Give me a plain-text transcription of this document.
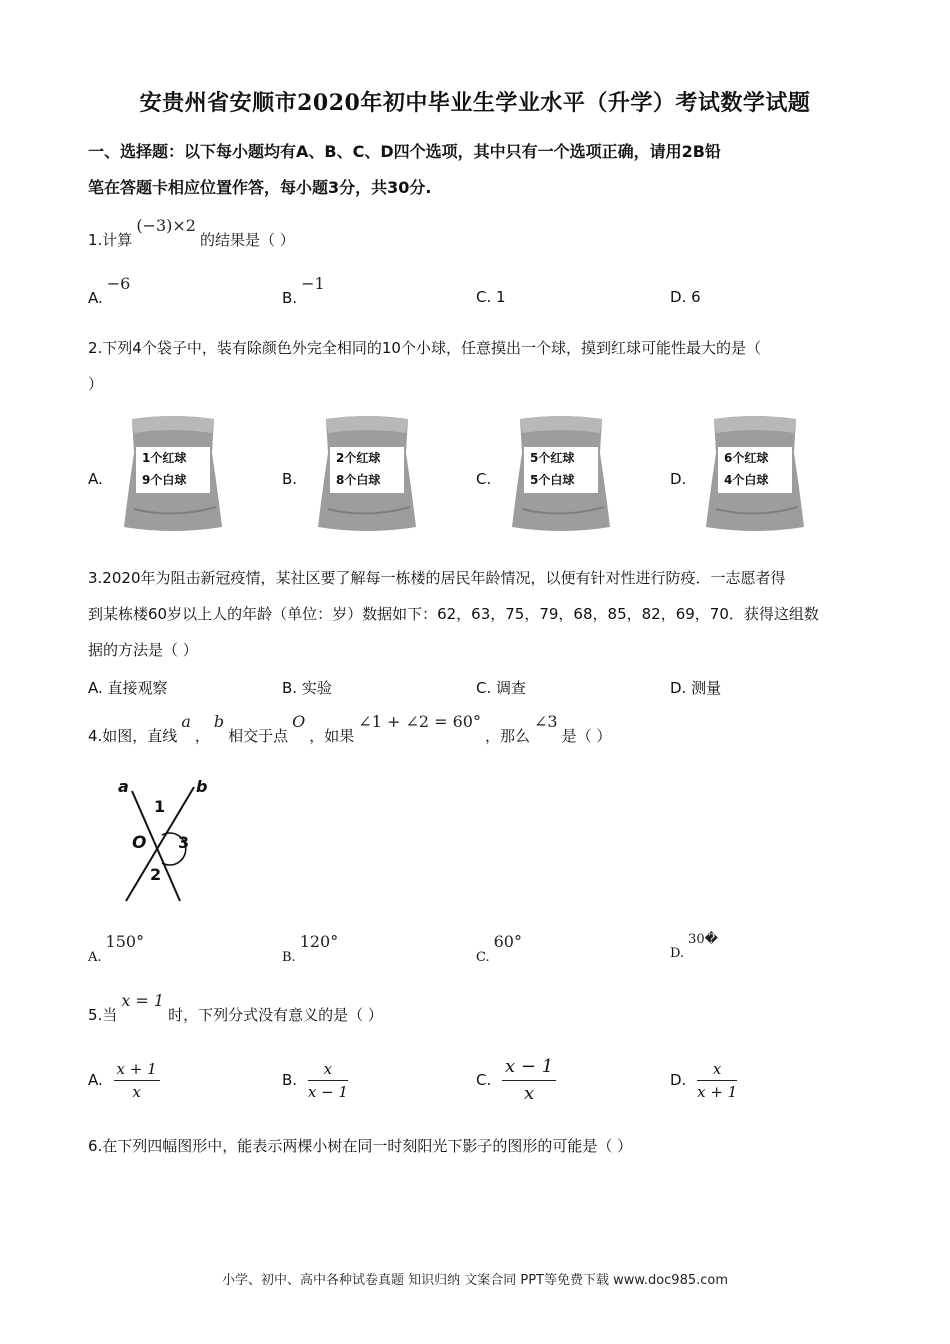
安贵州省安顺市2020年初中毕业生学业水平（升学）考试数学试题
一、选择题：以下每小题均有A、B、C、D四个选项，其中只有一个选项正确，请用2B铅
笔在答题卡相应位置作答，每小题3分，共30分.
1.计算(−3)×2的结果是（ ）
A.−6
B.−1
C. 1	D. 6
2.下列4个袋子中，装有除颜色外完全相同的10个小球，任意摸出一个球，摸到红球可能性最大的是（
）
A.
1个红球
9个白球	B.
2个红球
8个白球	C.
5个红球
5个白球	D.
6个红球
4个白球
3.2020年为阻击新冠疫情，某社区要了解每一栋楼的居民年龄情况，以便有针对性进行防疫．一志愿者得
到某栋楼60岁以上人的年龄（单位：岁）数据如下：62，63，75，79，68，85，82，69，70．获得这组数
据的方法是（ ）
A. 直接观察	B. 实验	C. 调查	D. 测量
4.如图，直线a，b相交于点O，如果∠1 + ∠2 = 60°，那么∠3是（ ）
a	b
1
O 3
2
A.150°
B.120°
C.60°
D.30�
5.当x = 1时，下列分式没有意义的是（ ）
A. $\frac{x + 1}{x}$	B. $\frac{x}{x - 1}$	C. $\frac{x - 1}{x}$	D. $\frac{x}{x + 1}$
6.在下列四幅图形中，能表示两棵小树在同一时刻阳光下影子的图形的可能是（ ）
小学、初中、高中各种试卷真题 知识归纳 文案合同 PPT等免费下载 www.doc985.com
